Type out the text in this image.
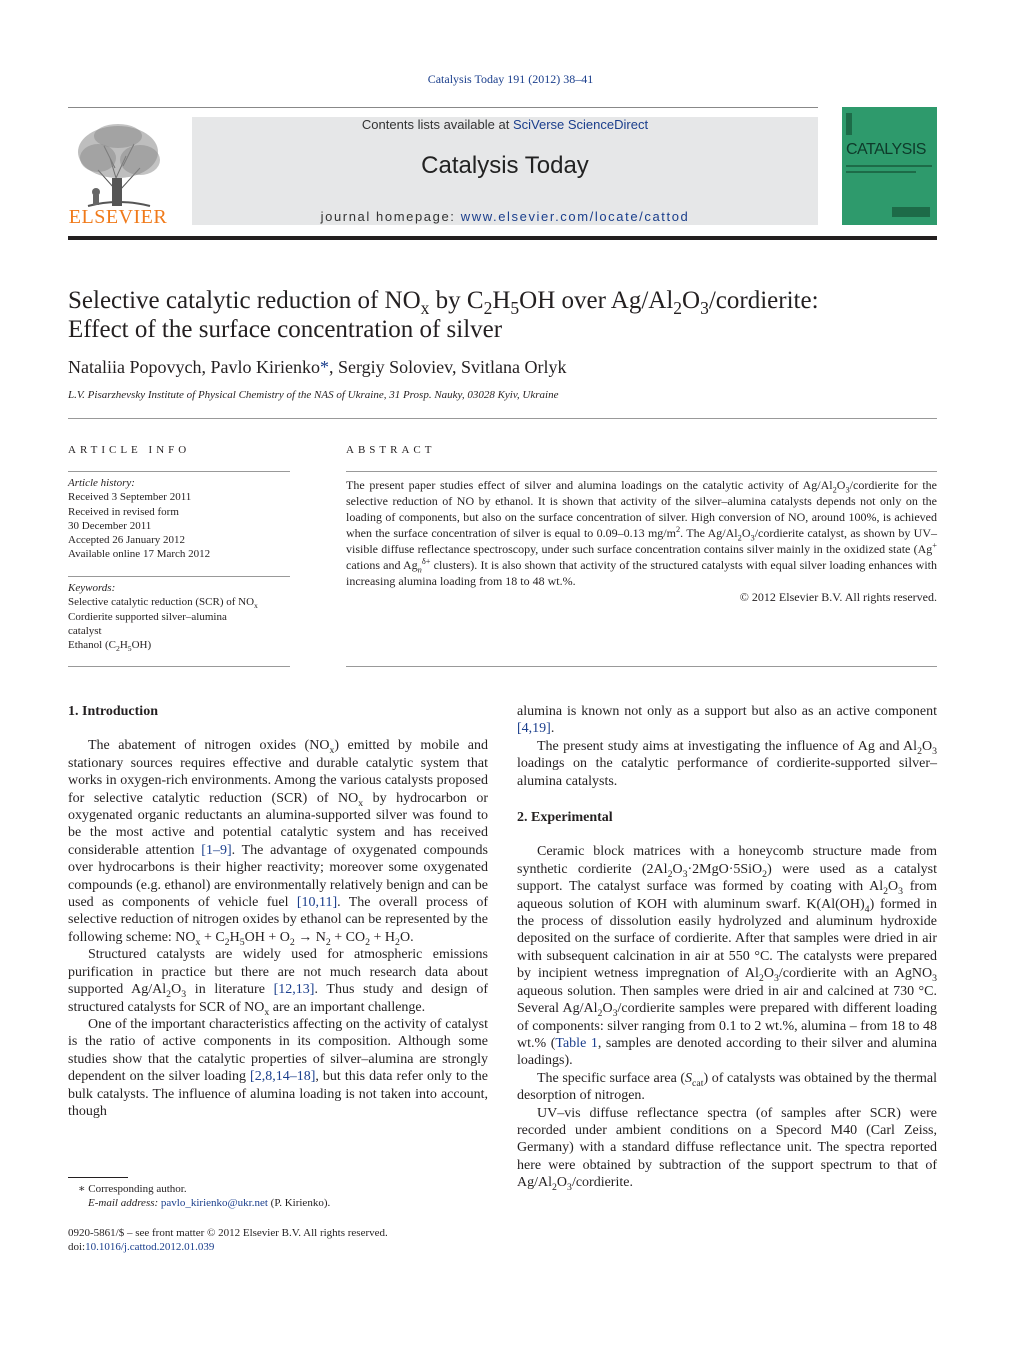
Catalysis Today 191 (2012) 38–41
ELSEVIER
Contents lists available at SciVerse ScienceDirect
Catalysis Today
journal homepage: www.elsevier.com/locate/cattod
CATALYSIS
Selective catalytic reduction of $NO_x$ by $C_2H_5OH$ over $Ag/Al_2O_3$/cordierite:
Effect of the surface concentration of silver
Nataliia Popovych, Pavlo Kirienko*, Sergiy Soloviev, Svitlana Orlyk
L.V. Pisarzhevsky Institute of Physical Chemistry of the NAS of Ukraine, 31 Prosp. Nauky, 03028 Kyiv, Ukraine
ARTICLE INFO
Article history:
Received 3 September 2011
Received in revised form
30 December 2011
Accepted 26 January 2012
Available online 17 March 2012
Keywords:
Selective catalytic reduction (SCR) of $NO_x$
Cordierite supported silver–alumina
catalyst
Ethanol $(C_2H_5OH)$
ABSTRACT

The present paper studies effect of silver and alumina loadings on the catalytic activity of $Ag/Al_2O_3$/cordierite for the selective reduction of NO by ethanol. It is shown that activity of the silver–alumina catalysts depends not only on the loading of components, but also on the surface concentration of silver. High conversion of NO, around 100%, is achieved when the surface concentration of silver is equal to 0.09–0.13 $mg/m^2$. The $Ag/Al_2O_3$/cordierite catalyst, as shown by UV–visible diffuse reflectance spectroscopy, under such surface concentration contains silver mainly in the oxidized state (Ag+ cations and $Ag_n^{\delta+}$ clusters). It is also shown that activity of the structured catalysts with equal silver loading enhances with increasing alumina loading from 18 to 48 wt.%.

© 2012 Elsevier B.V. All rights reserved.

1. Introduction

The abatement of nitrogen oxides $(NO_x)$ emitted by mobile and stationary sources requires effective and durable catalytic system that works in oxygen-rich environments. Among the various catalysts proposed for selective catalytic reduction (SCR) of $NO_x$ by hydrocarbon or oxygenated organic reductants an alumina-supported silver was found to be the most active and potential catalytic system and has received considerable attention [1–9]. The advantage of oxygenated compounds over hydrocarbons is their higher reactivity; moreover some oxygenated compounds (e.g. ethanol) are environmentally relatively benign and can be used as components of vehicle fuel [10,11]. The overall process of selective reduction of nitrogen oxides by ethanol can be represented by the following scheme: $NO_x + C_2H_5OH + O_2 \to N_2 + CO_2 + H_2O$.

Structured catalysts are widely used for atmospheric emissions purification in practice but there are not much research data about supported $Ag/Al_2O_3$ in literature [12,13]. Thus study and design of structured catalysts for SCR of $NO_x$ are an important challenge.

One of the important characteristics affecting on the activity of catalyst is the ratio of active components in its composition. Although some studies show that the catalytic properties of silver–alumina are strongly dependent on the silver loading [2,8,14–18], but this data refer only to the bulk catalysts. The influence of alumina loading is not taken into account, though

alumina is known not only as a support but also as an active component [4,19].

The present study aims at investigating the influence of Ag and $Al_2O_3$ loadings on the catalytic performance of cordierite-supported silver–alumina catalysts.

2. Experimental

Ceramic block matrices with a honeycomb structure made from synthetic cordierite $(2Al_2O_3\cdot 2MgO\cdot 5SiO_2)$ were used as a catalyst support. The catalyst surface was formed by coating with $Al_2O_3$ from aqueous solution of KOH with aluminum swarf. $K(Al(OH)_4)$ formed in the process of dissolution easily hydrolyzed and aluminum hydroxide deposited on the surface of cordierite. After that samples were dried in air with subsequent calcination in air at 550 °C. The catalysts were prepared by incipient wetness impregnation of $Al_2O_3$/cordierite with an AgNO$_3$ aqueous solution. Then samples were dried in air and calcined at 730 °C. Several $Ag/Al_2O_3$/cordierite samples were prepared with different loading of components: silver ranging from 0.1 to 2 wt.%, alumina – from 18 to 48 wt.% (Table 1, samples are denoted according to their silver and alumina loadings).

The specific surface area $(S_{cat})$ of catalysts was obtained by the thermal desorption of nitrogen.

UV–vis diffuse reflectance spectra (of samples after SCR) were recorded under ambient conditions on a Specord M40 (Carl Zeiss, Germany) with a standard diffuse reflectance unit. The spectra reported here were obtained by subtraction of the support spectrum to that of $Ag/Al_2O_3$/cordierite.

∗ Corresponding author.
E-mail address: pavlo_kirienko@ukr.net (P. Kirienko).
0920-5861/$ – see front matter © 2012 Elsevier B.V. All rights reserved.
doi:10.1016/j.cattod.2012.01.039
